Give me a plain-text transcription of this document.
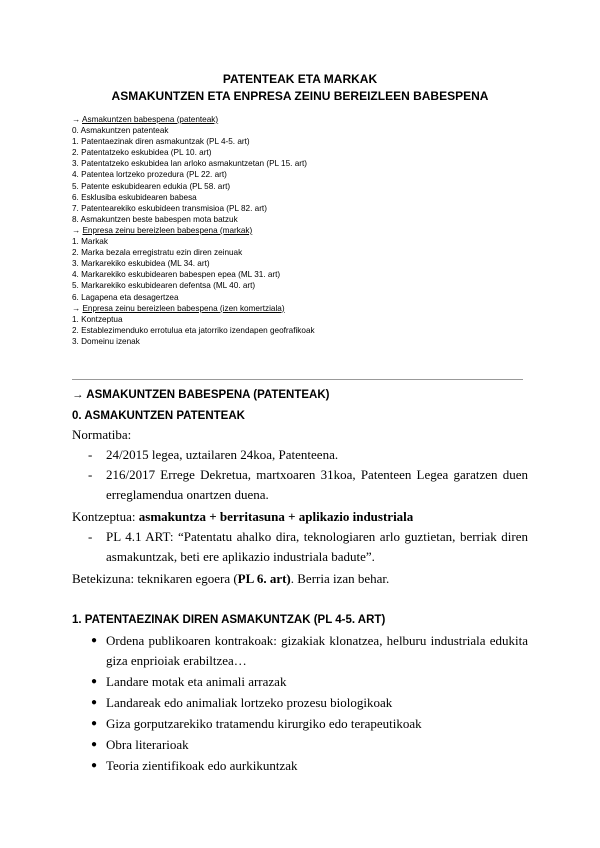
PATENTEAK ETA MARKAK
ASMAKUNTZEN ETA ENPRESA ZEINU BEREIZLEEN BABESPENA
→ Asmakuntzen babespena (patenteak)
0. Asmakuntzen patenteak
1. Patentaezinak diren asmakuntzak (PL 4-5. art)
2. Patentatzeko eskubidea (PL 10. art)
3. Patentatzeko eskubidea lan arloko asmakuntzetan (PL 15. art)
4. Patentea lortzeko prozedura (PL 22. art)
5. Patente eskubidearen edukia (PL 58. art)
6. Esklusiba eskubidearen babesa
7. Patentearekiko eskubideen transmisioa (PL 82. art)
8. Asmakuntzen beste babespen mota batzuk
→ Enpresa zeinu bereizleen babespena (markak)
1. Markak
2. Marka bezala erregistratu ezin diren zeinuak
3. Markarekiko eskubidea (ML 34. art)
4. Markarekiko eskubidearen babespen epea (ML 31. art)
5. Markarekiko eskubidearen defentsa (ML 40. art)
6. Lagapena eta desagertzea
→ Enpresa zeinu bereizleen babespena (izen komertziala)
1. Kontzeptua
2. Establezimenduko errotulua eta jatorriko izendapen geofrafikoak
3. Domeinu izenak
→ ASMAKUNTZEN BABESPENA (PATENTEAK)
0. ASMAKUNTZEN PATENTEAK
Normatiba:
- 24/2015 legea, uztailaren 24koa, Patenteena.
- 216/2017 Errege Dekretua, martxoaren 31koa, Patenteen Legea garatzen duen erreglamendua onartzen duena.
Kontzeptua: asmakuntza + berritasuna + aplikazio industriala
- PL 4.1 ART: “Patentatu ahalko dira, teknologiaren arlo guztietan, berriak diren asmakuntzak, beti ere aplikazio industriala badute”.
Betekizuna: teknikaren egoera (PL 6. art). Berria izan behar.
1. PATENTAEZINAK DIREN ASMAKUNTZAK (PL 4-5. ART)
● Ordena publikoaren kontrakoak: gizakiak klonatzea, helburu industriala edukita giza enprioiak erabiltzea…
● Landare motak eta animali arrazak
● Landareak edo animaliak lortzeko prozesu biologikoak
● Giza gorputzarekiko tratamendu kirurgiko edo terapeutikoak
● Obra literarioak
● Teoria zientifikoak edo aurkikuntzak
